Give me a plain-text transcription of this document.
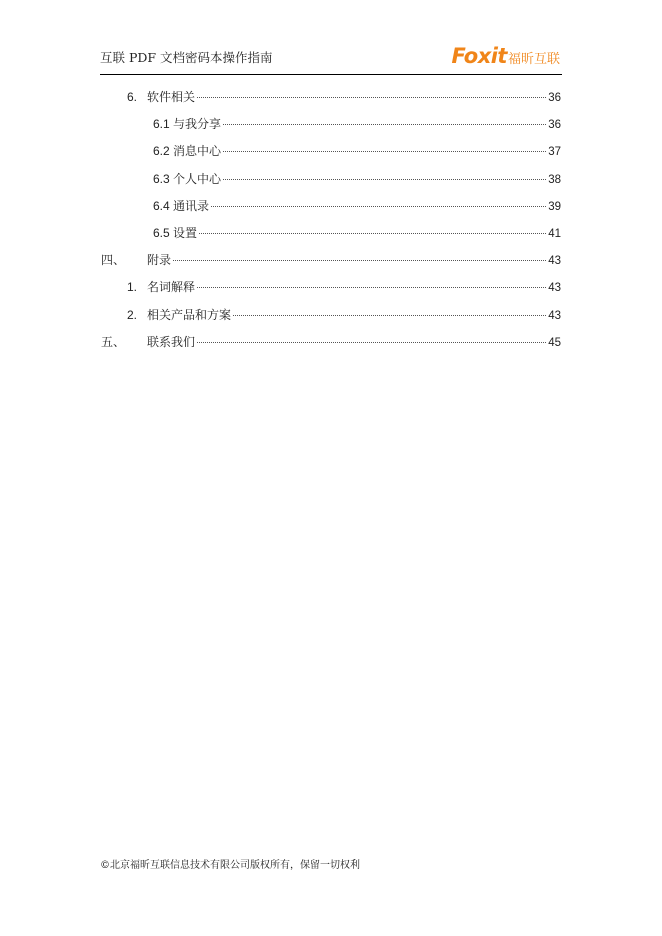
互联 PDF 文档密码本操作指南	Foxit 福昕互联
6. 软件相关	36
6.1 与我分享	36
6.2 消息中心	37
6.3 个人中心	38
6.4 通讯录	39
6.5 设置	41
四、	附录	43
1. 名词解释	43
2. 相关产品和方案	43
五、	联系我们	45
©北京福昕互联信息技术有限公司版权所有，保留一切权利
